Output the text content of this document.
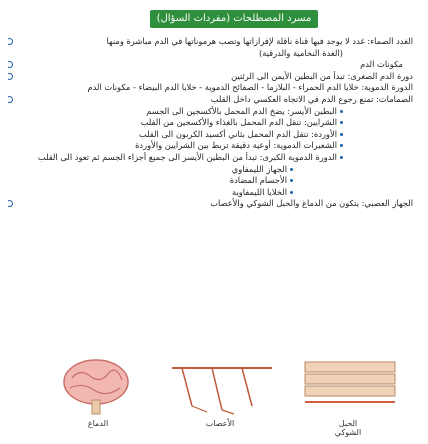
مسرد المصطلحات (مفردات السؤال)
الغدد الصماء: غدد لا يوجد فيها قناة ناقلة لإفرازاتها وتصب هرموناتها في الدم مباشرة ومنها
(الغدة النخامية والدرقية)
مكونات الدم
دورة الدم الصغرى: تبدأ من البطين الأيمن الى الرئتين
الدورة الدموية: خلايا الدم الحمراء - البلازما - الصفائح الدموية - خلايا الدم البيضاء - مكونات الدم
الصمامات: تمنع رجوع الدم في الاتجاه العكسي داخل القلب
البطين الأيسر: يضخ الدم المحمل بالأكسجين الى الجسم
الشرايين: تنقل الدم المحمل بالغذاء والأكسجين من القلب
الأوردة: تنقل الدم المحمل بثاني أكسيد الكربون الى القلب
الشعيرات الدموية: أوعية دقيقة تربط بين الشرايين والأوردة
الدورة الدموية الكبرى: تبدأ من البطين الأيسر الى جميع أجزاء الجسم ثم تعود الى القلب
الجهاز الليمفاوي
الأجسام المضادة
الخلايا الليمفاوية
الجهاز العصبي: يتكون من الدماغ والحبل الشوكي والأعصاب
الدماغ	الأعصاب	الحبل الشوكي
